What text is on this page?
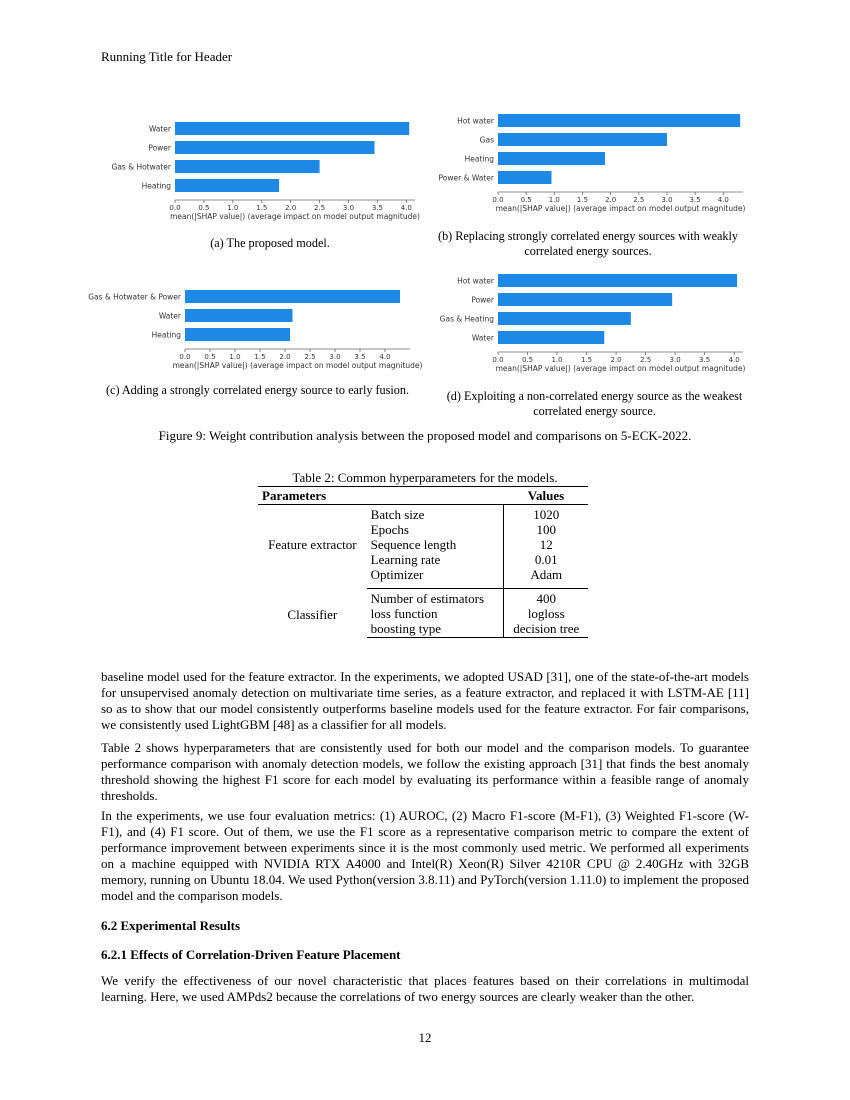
Running Title for Header
Water
Power
Gas & Hotwater
Heating
0.0	0.5	1.0	1.5	2.0	2.5	3.0	3.5	4.0
mean(|SHAP value|) (average impact on model output magnitude)
Hot water
Gas
Heating
Power & Water
0.0 0.5 1.0 1.5 2.0 2.5 3.0 3.5 4.0
mean(|SHAP value|) (average impact on model output magnitude)
Gas & Hotwater & Power
Water
Heating
0.0 0.5 1.0 1.5 2.0 2.5 3.0 3.5 4.0
mean(|SHAP value|) (average impact on model output magnitude)
Hot water
Power
Gas & Heating
Water
0.0	0.5	1.0	1.5	2.0	2.5	3.0	3.5	4.0
mean(|SHAP value|) (average impact on model output magnitude)
(a) The proposed model.	(b) Replacing strongly correlated energy sources with weakly correlated energy sources.
(c) Adding a strongly correlated energy source to early fusion.	(d) Exploiting a non-correlated energy source as the weakest correlated energy source.
Figure 9: Weight contribution analysis between the proposed model and comparisons on 5-ECK-2022.
Table 2: Common hyperparameters for the models.
Parameters		Values
Feature extractor	Batch size	1020
	Epochs	100
	Sequence length	12
	Learning rate	0.01
	Optimizer	Adam

Classifier	Number of estimators	400
	loss function	logloss
	boosting type	decision tree

baseline model used for the feature extractor. In the experiments, we adopted USAD [31], one of the state-of-the-art models for unsupervised anomaly detection on multivariate time series, as a feature extractor, and replaced it with LSTM-AE [11] so as to show that our model consistently outperforms baseline models used for the feature extractor. For fair comparisons, we consistently used LightGBM [48] as a classifier for all models.

Table 2 shows hyperparameters that are consistently used for both our model and the comparison models. To guarantee performance comparison with anomaly detection models, we follow the existing approach [31] that finds the best anomaly threshold showing the highest F1 score for each model by evaluating its performance within a feasible range of anomaly thresholds.

In the experiments, we use four evaluation metrics: (1) AUROC, (2) Macro F1-score (M-F1), (3) Weighted F1-score (W-F1), and (4) F1 score. Out of them, we use the F1 score as a representative comparison metric to compare the extent of performance improvement between experiments since it is the most commonly used metric. We performed all experiments on a machine equipped with NVIDIA RTX A4000 and Intel(R) Xeon(R) Silver 4210R CPU @ 2.40GHz with 32GB memory, running on Ubuntu 18.04. We used Python(version 3.8.11) and PyTorch(version 1.11.0) to implement the proposed model and the comparison models.

6.2 Experimental Results
6.2.1 Effects of Correlation-Driven Feature Placement

We verify the effectiveness of our novel characteristic that places features based on their correlations in multimodal learning. Here, we used AMPds2 because the correlations of two energy sources are clearly weaker than the other.

12
